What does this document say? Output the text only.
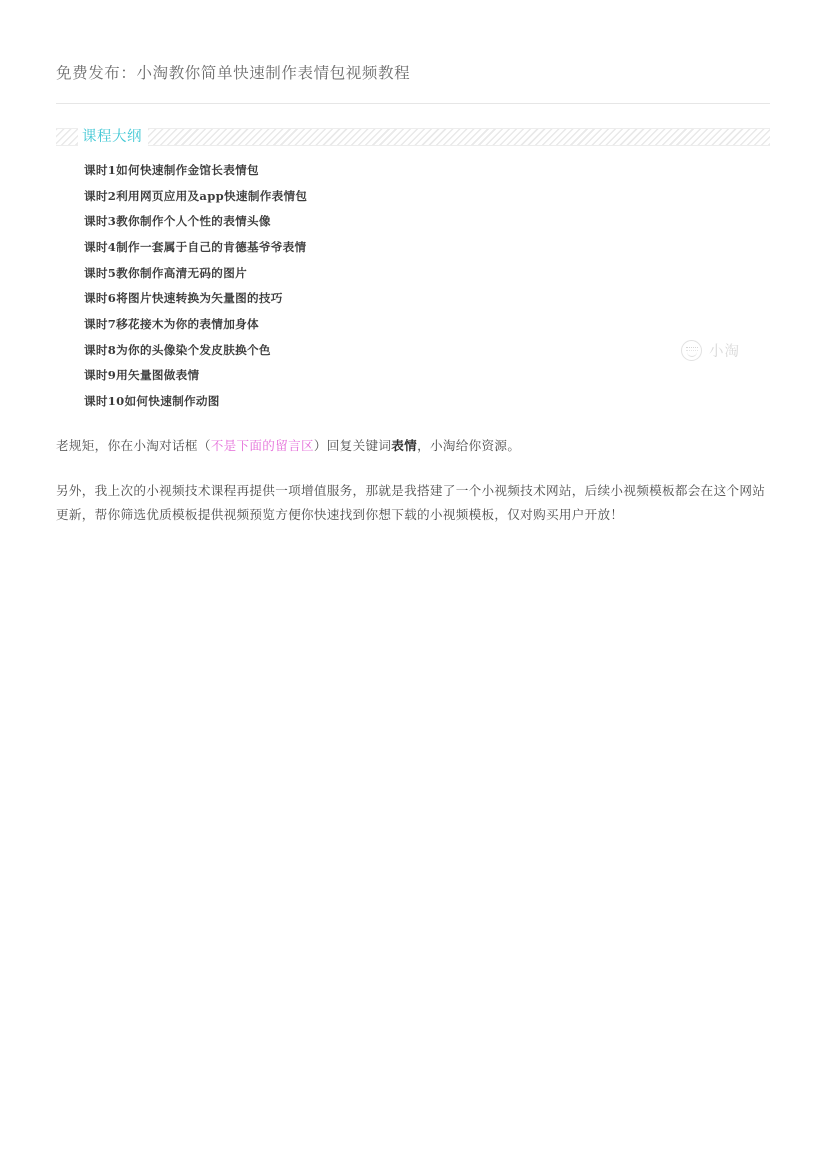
免费发布：小淘教你简单快速制作表情包视频教程
课程大纲
课时1如何快速制作金馆长表情包
课时2利用网页应用及app快速制作表情包
课时3教你制作个人个性的表情头像
课时4制作一套属于自己的肯德基爷爷表情
课时5教你制作高清无码的图片
课时6将图片快速转换为矢量图的技巧
课时7移花接木为你的表情加身体
课时8为你的头像染个发皮肤换个色
课时9用矢量图做表情
课时10如何快速制作动图

老规矩，你在小淘对话框（不是下面的留言区）回复关键词表情，小淘给你资源。

另外，我上次的小视频技术课程再提供一项增值服务，那就是我搭建了一个小视频技术网站，后续小视频模板都会在这个网站更新，帮你筛选优质模板提供视频预览方便你快速找到你想下载的小视频模板，仅对购买用户开放！

小淘
